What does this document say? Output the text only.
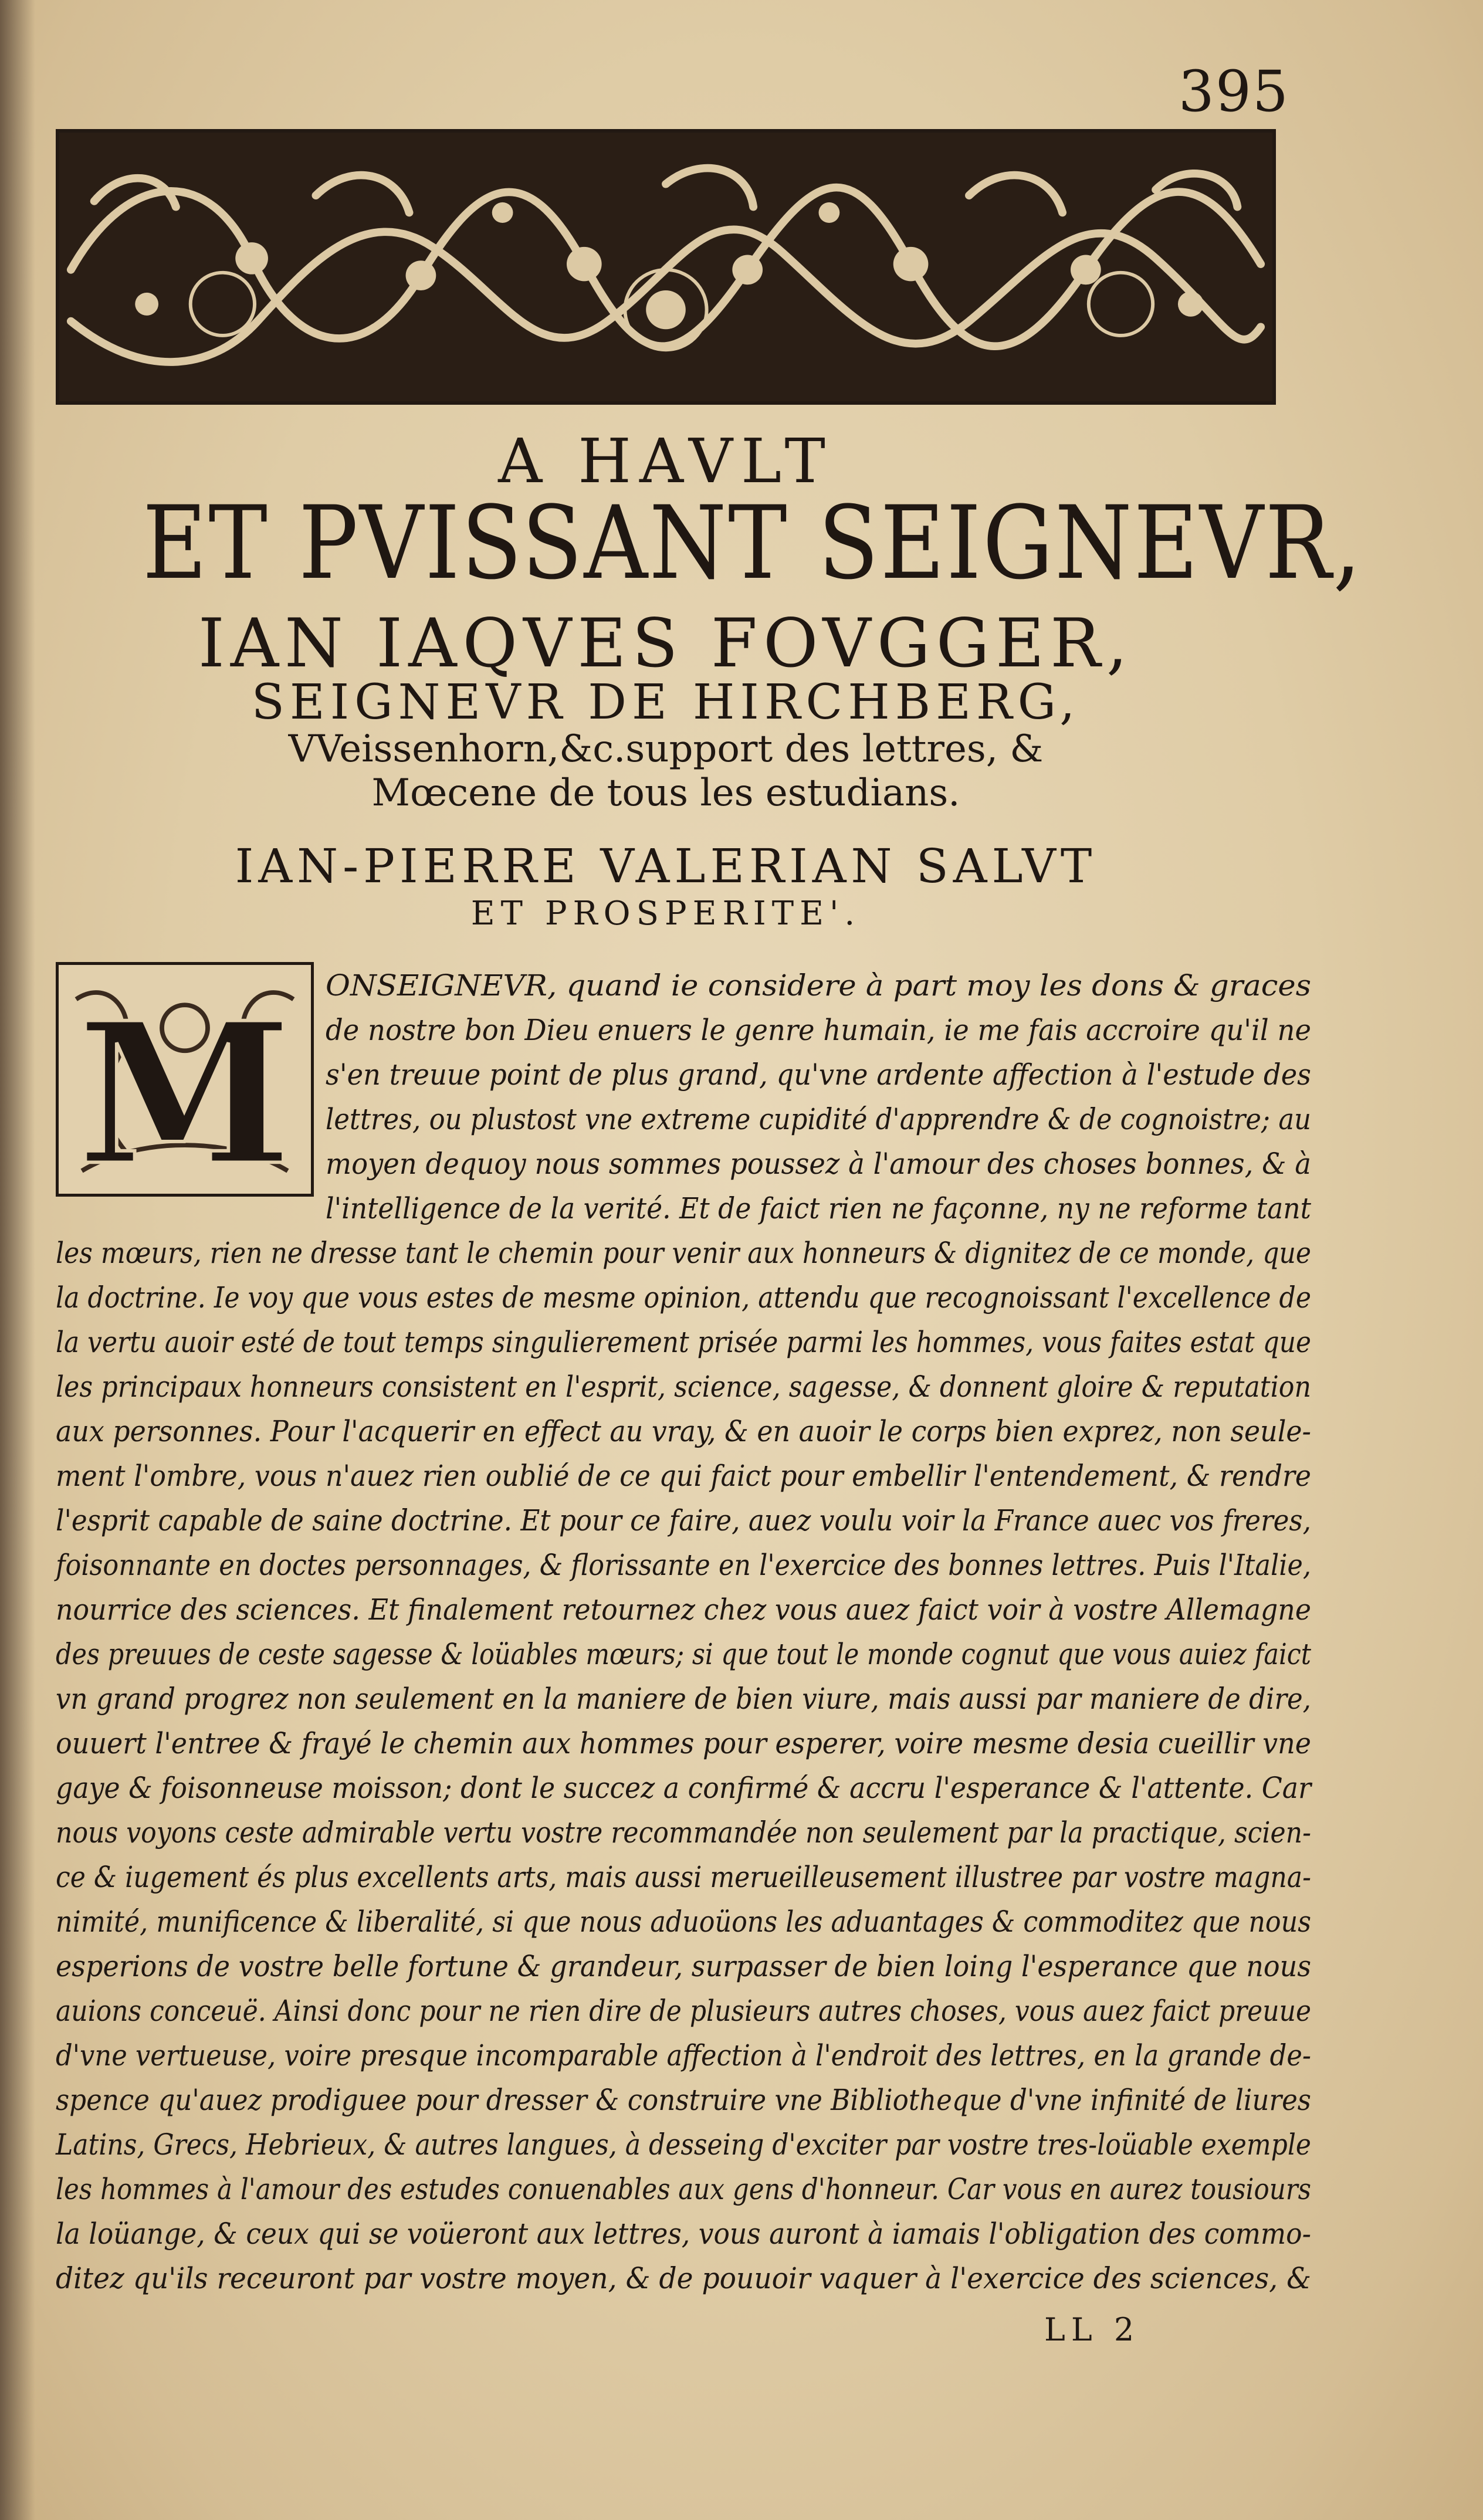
395
A HAVLT
ET PVISSANT SEIGNEVR,
IAN IAQVES FOVGGER,
SEIGNEVR DE HIRCHBERG,
VVeissenhorn,&c.support des lettres, &
Mœcene de tous les estudians.
IAN-PIERRE VALERIAN SALVT
ET PROSPERITE'.
M ONSEIGNEVR, quand ie considere à part moy les dons & graces
de nostre bon Dieu enuers le genre humain, ie me fais accroire qu'il ne
s'en treuue point de plus grand, qu'vne ardente affection à l'estude des
lettres, ou plustost vne extreme cupidité d'apprendre & de cognoistre; au
moyen dequoy nous sommes poussez à l'amour des choses bonnes, & à
l'intelligence de la verité. Et de faict rien ne façonne, ny ne reforme tant
les mœurs, rien ne dresse tant le chemin pour venir aux honneurs & dignitez de ce monde, que
la doctrine. Ie voy que vous estes de mesme opinion, attendu que recognoissant l'excellence de
la vertu auoir esté de tout temps singulierement prisée parmi les hommes, vous faites estat que
les principaux honneurs consistent en l'esprit, science, sagesse, & donnent gloire & reputation
aux personnes. Pour l'acquerir en effect au vray, & en auoir le corps bien exprez, non seule-
ment l'ombre, vous n'auez rien oublié de ce qui faict pour embellir l'entendement, & rendre
l'esprit capable de saine doctrine. Et pour ce faire, auez voulu voir la France auec vos freres,
foisonnante en doctes personnages, & florissante en l'exercice des bonnes lettres. Puis l'Italie,
nourrice des sciences. Et finalement retournez chez vous auez faict voir à vostre Allemagne
des preuues de ceste sagesse & loüables mœurs; si que tout le monde cognut que vous auiez faict
vn grand progrez non seulement en la maniere de bien viure, mais aussi par maniere de dire,
ouuert l'entree & frayé le chemin aux hommes pour esperer, voire mesme desia cueillir vne
gaye & foisonneuse moisson; dont le succez a confirmé & accru l'esperance & l'attente. Car
nous voyons ceste admirable vertu vostre recommandée non seulement par la practique, scien-
ce & iugement és plus excellents arts, mais aussi merueilleusement illustree par vostre magna-
nimité, munificence & liberalité, si que nous aduoüons les aduantages & commoditez que nous
esperions de vostre belle fortune & grandeur, surpasser de bien loing l'esperance que nous
auions conceuë. Ainsi donc pour ne rien dire de plusieurs autres choses, vous auez faict preuue
d'vne vertueuse, voire presque incomparable affection à l'endroit des lettres, en la grande de-
spence qu'auez prodiguee pour dresser & construire vne Bibliotheque d'vne infinité de liures
Latins, Grecs, Hebrieux, & autres langues, à desseing d'exciter par vostre tres-loüable exemple
les hommes à l'amour des estudes conuenables aux gens d'honneur. Car vous en aurez tousiours
la loüange, & ceux qui se voüeront aux lettres, vous auront à iamais l'obligation des commo-
ditez qu'ils receuront par vostre moyen, & de pouuoir vaquer à l'exercice des sciences, &
LL 2
